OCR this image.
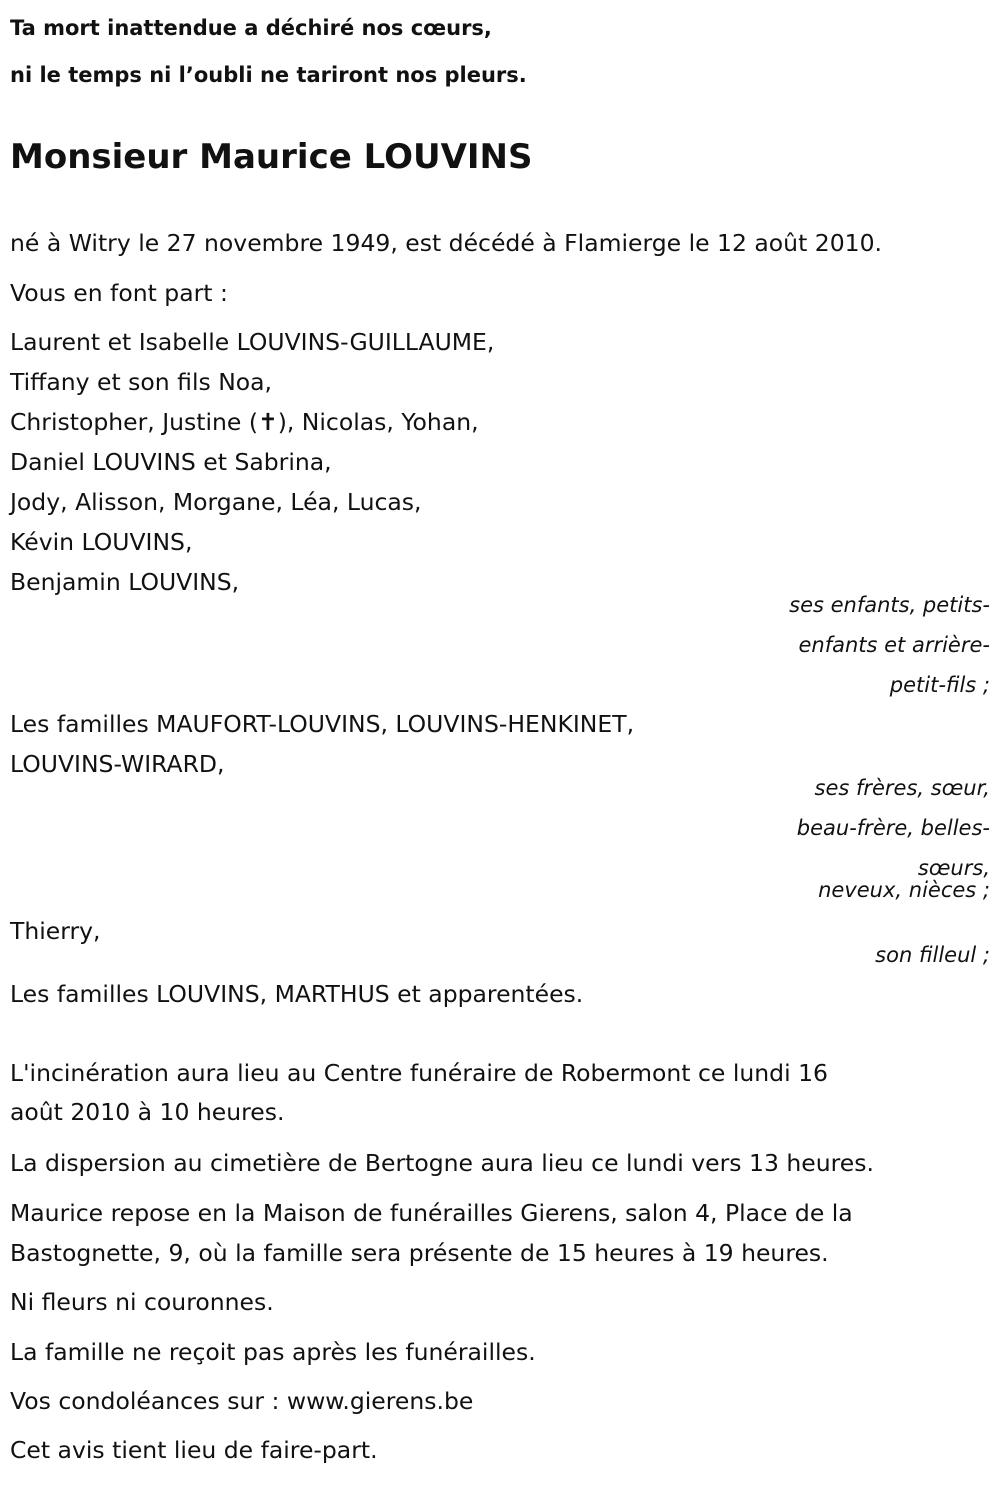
Ta mort inattendue a déchiré nos cœurs,
ni le temps ni l’oubli ne tariront nos pleurs.
Monsieur Maurice LOUVINS
né à Witry le 27 novembre 1949, est décédé à Flamierge le 12 août 2010.
Vous en font part :
Laurent et Isabelle LOUVINS-GUILLAUME,
Tiffany et son fils Noa,
Christopher, Justine (✝), Nicolas, Yohan,
Daniel LOUVINS et Sabrina,
Jody, Alisson, Morgane, Léa, Lucas,
Kévin LOUVINS,
Benjamin LOUVINS,
ses enfants, petits-
enfants et arrière-
petit-fils ;
Les familles MAUFORT-LOUVINS, LOUVINS-HENKINET,
LOUVINS-WIRARD,
ses frères, sœur,
beau-frère, belles-
sœurs,
neveux, nièces ;
Thierry,
son filleul ;
Les familles LOUVINS, MARTHUS et apparentées.
L'incinération aura lieu au Centre funéraire de Robermont ce lundi 16
août 2010 à 10 heures.
La dispersion au cimetière de Bertogne aura lieu ce lundi vers 13 heures.
Maurice repose en la Maison de funérailles Gierens, salon 4, Place de la
Bastognette, 9, où la famille sera présente de 15 heures à 19 heures.
Ni fleurs ni couronnes.
La famille ne reçoit pas après les funérailles.
Vos condoléances sur : www.gierens.be
Cet avis tient lieu de faire-part.
